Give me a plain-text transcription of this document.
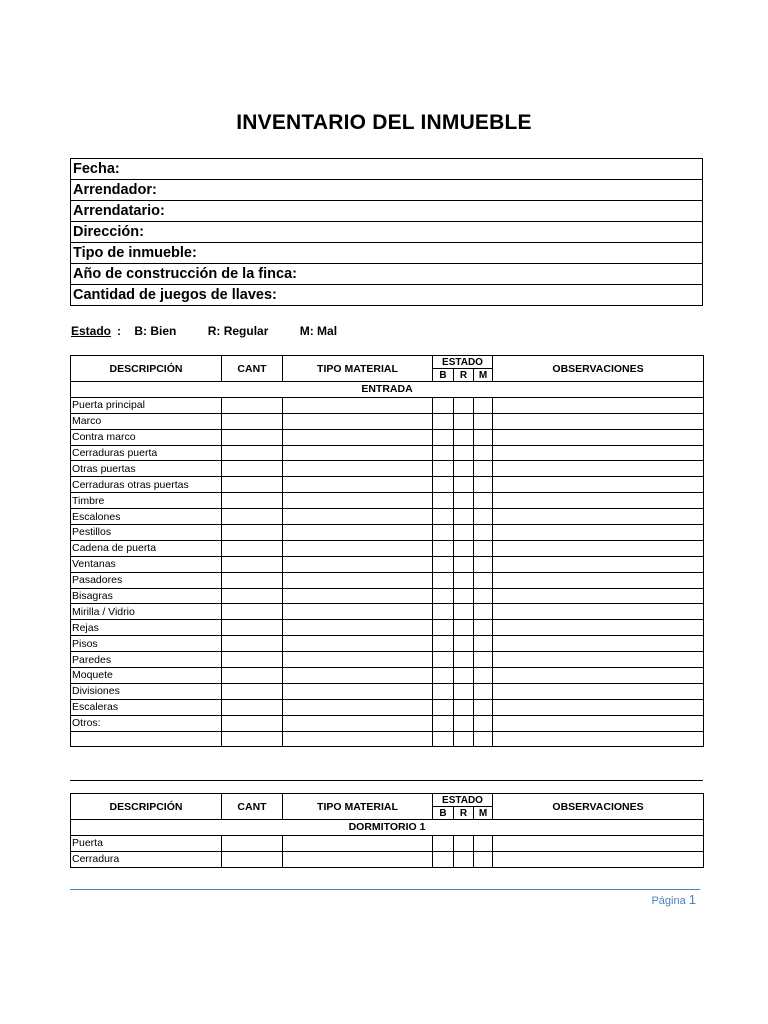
INVENTARIO DEL INMUEBLE
Fecha:
Arrendador:
Arrendatario:
Dirección:
Tipo de inmueble:
Año de construcción de la finca:
Cantidad de juegos de llaves:
Estado : B: Bien	R: Regular	M: Mal
DESCRIPCIÓN	CANT	TIPO MATERIAL	ESTADO			OBSERVACIONES
			B	R	M	
ENTRADA						
Puerta principal						
Marco						
Contra marco						
Cerraduras puerta						
Otras puertas						
Cerraduras otras puertas						
Timbre						
Escalones						
Pestillos						
Cadena de puerta						
Ventanas						
Pasadores						
Bisagras						
Mirilla / Vidrio						
Rejas						
Pisos						
Paredes						
Moquete						
Divisiones						
Escaleras						
Otros:						

DESCRIPCIÓN	CANT	TIPO MATERIAL	ESTADO			OBSERVACIONES
			B	R	M	
DORMITORIO 1						
Puerta						
Cerradura						
Página 1
